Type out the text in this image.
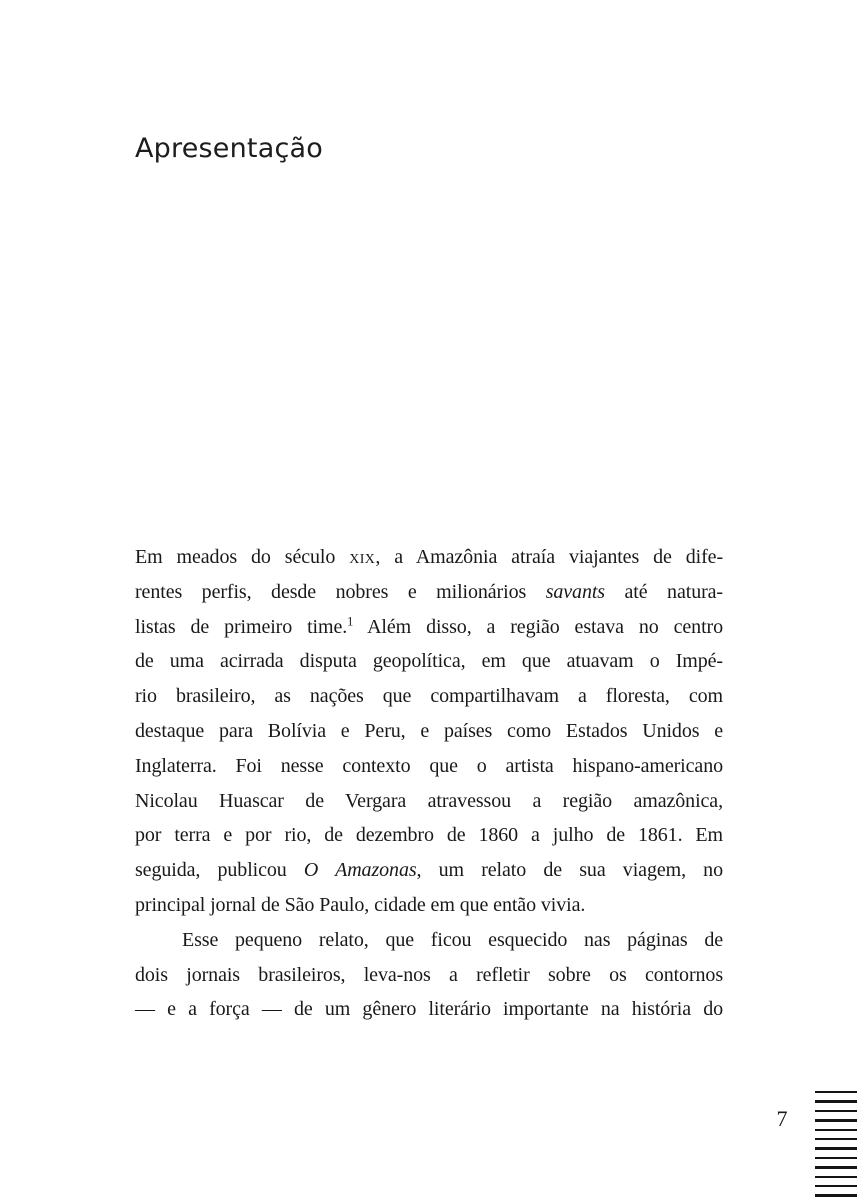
Apresentação
Em meados do século xix, a Amazônia atraía viajantes de dife-
rentes perfis, desde nobres e milionários savants até natura-
listas de primeiro time.$^1$ Além disso, a região estava no centro
de uma acirrada disputa geopolítica, em que atuavam o Impé-
rio brasileiro, as nações que compartilhavam a floresta, com
destaque para Bolívia e Peru, e países como Estados Unidos e
Inglaterra. Foi nesse contexto que o artista hispano-americano
Nicolau Huascar de Vergara atravessou a região amazônica,
por terra e por rio, de dezembro de 1860 a julho de 1861. Em
seguida, publicou O Amazonas, um relato de sua viagem, no
principal jornal de São Paulo, cidade em que então vivia.
Esse pequeno relato, que ficou esquecido nas páginas de
dois jornais brasileiros, leva-nos a refletir sobre os contornos
— e a força — de um gênero literário importante na história do
7
